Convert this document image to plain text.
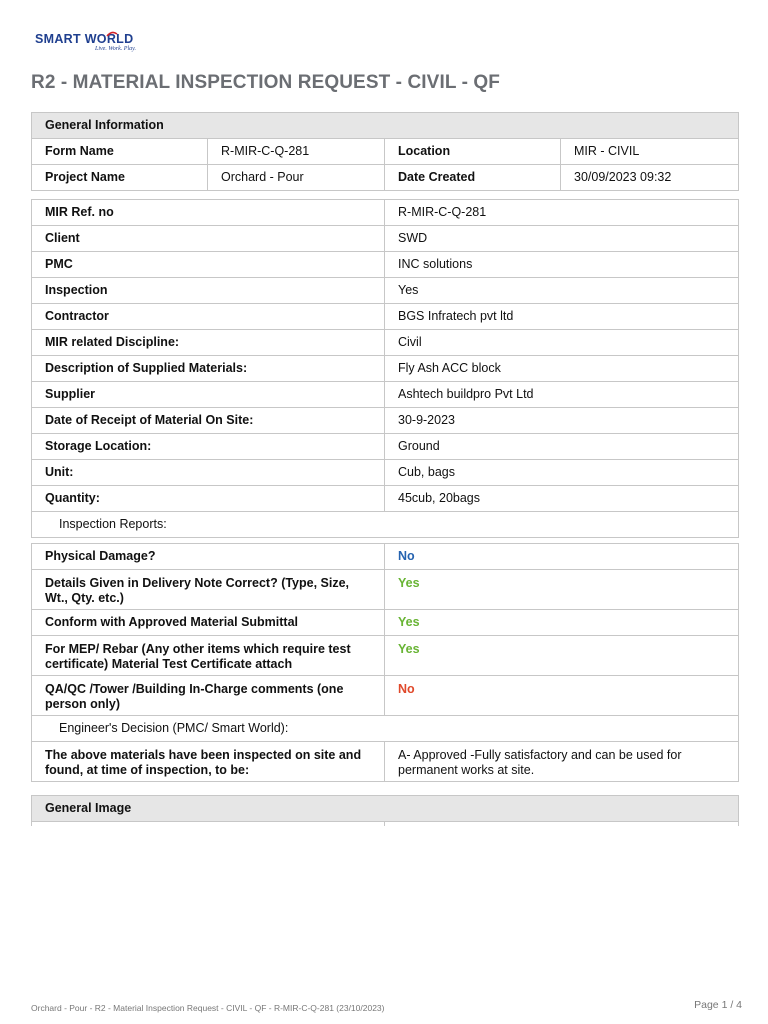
SMART WORLD
Live. Work. Play.
R2 - MATERIAL INSPECTION REQUEST - CIVIL - QF
General Information			
Form Name	R-MIR-C-Q-281	Location	MIR - CIVIL
Project Name	Orchard - Pour	Date Created	30/09/2023 09:32
MIR Ref. no	R-MIR-C-Q-281
Client	SWD
PMC	INC solutions
Inspection	Yes
Contractor	BGS Infratech pvt ltd
MIR related Discipline:	Civil
Description of Supplied Materials:	Fly Ash ACC block
Supplier	Ashtech buildpro Pvt Ltd
Date of Receipt of Material On Site:	30-9-2023
Storage Location:	Ground
Unit:	Cub, bags
Quantity:	45cub, 20bags
Inspection Reports:	
Physical Damage?	No
Details Given in Delivery Note Correct? (Type, Size, Wt., Qty. etc.)	Yes
Conform with Approved Material Submittal	Yes
For MEP/ Rebar (Any other items which require test certificate) Material Test Certificate attach	Yes
QA/QC /Tower /Building In-Charge comments (one person only)	No
Engineer's Decision (PMC/ Smart World):	
The above materials have been inspected on site and found, at time of inspection, to be:	A- Approved -Fully satisfactory and can be used for permanent works at site.
General Image

Orchard - Pour - R2 - Material Inspection Request - CIVIL - QF - R-MIR-C-Q-281 (23/10/2023)	Page 1 / 4
